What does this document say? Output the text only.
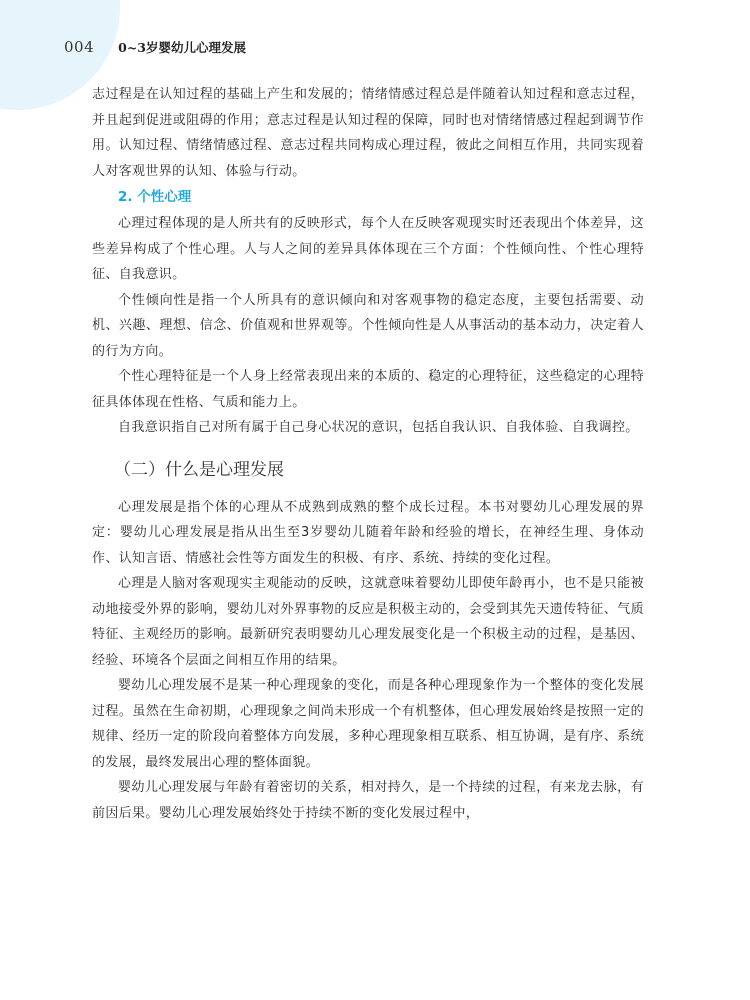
004 0~3岁婴幼儿心理发展

志过程是在认知过程的基础上产生和发展的；情绪情感过程总是伴随着认知过程和意志过程，并且起到促进或阻碍的作用；意志过程是认知过程的保障，同时也对情绪情感过程起到调节作用。认知过程、情绪情感过程、意志过程共同构成心理过程，彼此之间相互作用，共同实现着人对客观世界的认知、体验与行动。

2. 个性心理

心理过程体现的是人所共有的反映形式，每个人在反映客观现实时还表现出个体差异，这些差异构成了个性心理。人与人之间的差异具体体现在三个方面：个性倾向性、个性心理特征、自我意识。

个性倾向性是指一个人所具有的意识倾向和对客观事物的稳定态度，主要包括需要、动机、兴趣、理想、信念、价值观和世界观等。个性倾向性是人从事活动的基本动力，决定着人的行为方向。

个性心理特征是一个人身上经常表现出来的本质的、稳定的心理特征，这些稳定的心理特征具体体现在性格、气质和能力上。

自我意识指自己对所有属于自己身心状况的意识，包括自我认识、自我体验、自我调控。

（二）什么是心理发展

心理发展是指个体的心理从不成熟到成熟的整个成长过程。本书对婴幼儿心理发展的界定：婴幼儿心理发展是指从出生至3岁婴幼儿随着年龄和经验的增长，在神经生理、身体动作、认知言语、情感社会性等方面发生的积极、有序、系统、持续的变化过程。

心理是人脑对客观现实主观能动的反映，这就意味着婴幼儿即使年龄再小，也不是只能被动地接受外界的影响，婴幼儿对外界事物的反应是积极主动的，会受到其先天遗传特征、气质特征、主观经历的影响。最新研究表明婴幼儿心理发展变化是一个积极主动的过程，是基因、经验、环境各个层面之间相互作用的结果。

婴幼儿心理发展不是某一种心理现象的变化，而是各种心理现象作为一个整体的变化发展过程。虽然在生命初期，心理现象之间尚未形成一个有机整体，但心理发展始终是按照一定的规律、经历一定的阶段向着整体方向发展，多种心理现象相互联系、相互协调，是有序、系统的发展，最终发展出心理的整体面貌。

婴幼儿心理发展与年龄有着密切的关系，相对持久，是一个持续的过程，有来龙去脉，有前因后果。婴幼儿心理发展始终处于持续不断的变化发展过程中，
